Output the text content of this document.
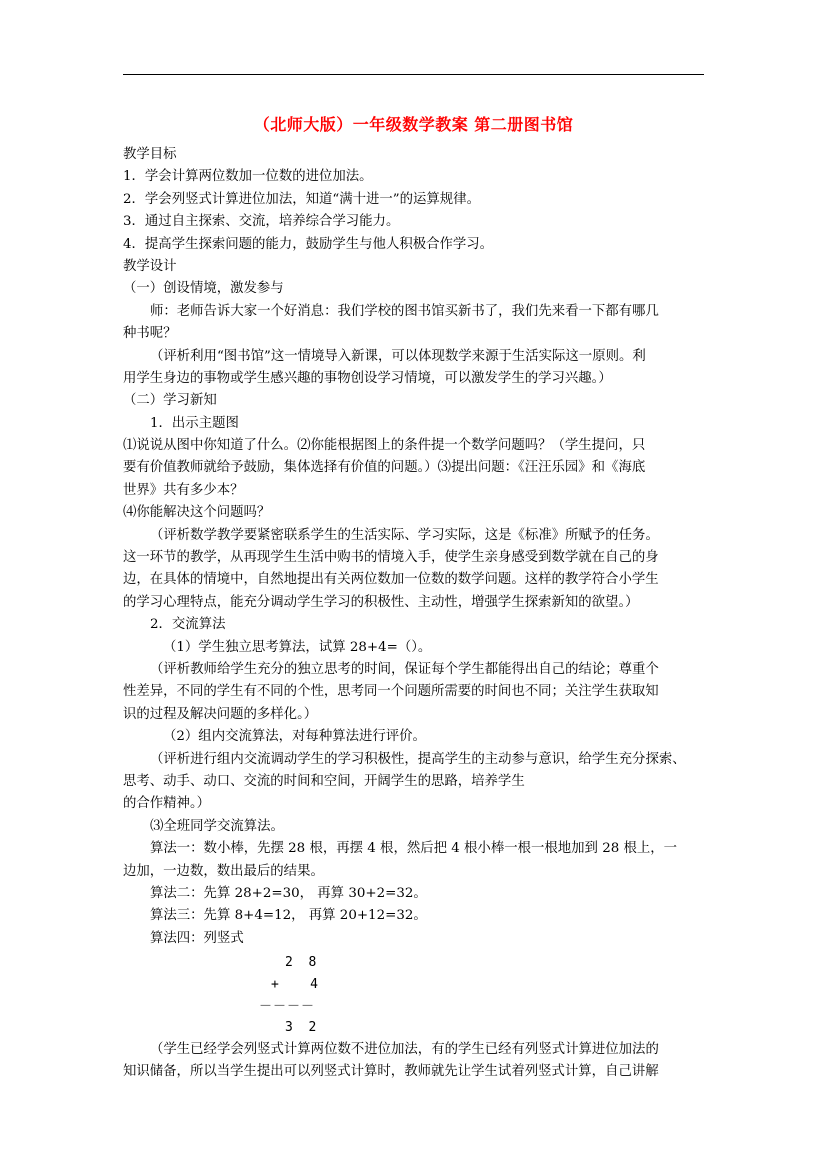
（北师大版）一年级数学教案 第二册图书馆
教学目标
1．学会计算两位数加一位数的进位加法。
2．学会列竖式计算进位加法，知道“满十进一”的运算规律。
3．通过自主探索、交流，培养综合学习能力。
4．提高学生探索问题的能力，鼓励学生与他人积极合作学习。
教学设计
（一）创设情境，激发参与
师：老师告诉大家一个好消息：我们学校的图书馆买新书了，我们先来看一下都有哪几
种书呢？
（评析利用“图书馆”这一情境导入新课，可以体现数学来源于生活实际这一原则。利
用学生身边的事物或学生感兴趣的事物创设学习情境，可以激发学生的学习兴趣。）
（二）学习新知
1．出示主题图
⑴说说从图中你知道了什么。⑵你能根据图上的条件提一个数学问题吗？（学生提问，只
要有价值教师就给予鼓励，集体选择有价值的问题。）⑶提出问题：《汪汪乐园》和《海底
世界》共有多少本？
⑷你能解决这个问题吗？
（评析数学教学要紧密联系学生的生活实际、学习实际，这是《标准》所赋予的任务。
这一环节的教学，从再现学生生活中购书的情境入手，使学生亲身感受到数学就在自己的身
边，在具体的情境中，自然地提出有关两位数加一位数的数学问题。这样的教学符合小学生
的学习心理特点，能充分调动学生学习的积极性、主动性，增强学生探索新知的欲望。）
2．交流算法
（1）学生独立思考算法，试算 28+4=（）。
（评析教师给学生充分的独立思考的时间，保证每个学生都能得出自己的结论；尊重个
性差异，不同的学生有不同的个性，思考同一个问题所需要的时间也不同；关注学生获取知
识的过程及解决问题的多样化。）
（2）组内交流算法，对每种算法进行评价。
（评析进行组内交流调动学生的学习积极性，提高学生的主动参与意识，给学生充分探索、
思考、动手、动口、交流的时间和空间，开阔学生的思路，培养学生
的合作精神。）
⑶全班同学交流算法。
算法一：数小棒，先摆 28 根，再摆 4 根，然后把 4 根小棒一根一根地加到 28 根上，一
边加，一边数，数出最后的结果。
算法二：先算 28+2=30， 再算 30+2=32。
算法三：先算 8+4=12， 再算 20+12=32。
算法四：列竖式
2  8
+    4
－－－－
3  2
（学生已经学会列竖式计算两位数不进位加法，有的学生已经有列竖式计算进位加法的
知识储备，所以当学生提出可以列竖式计算时，教师就先让学生试着列竖式计算，自己讲解
